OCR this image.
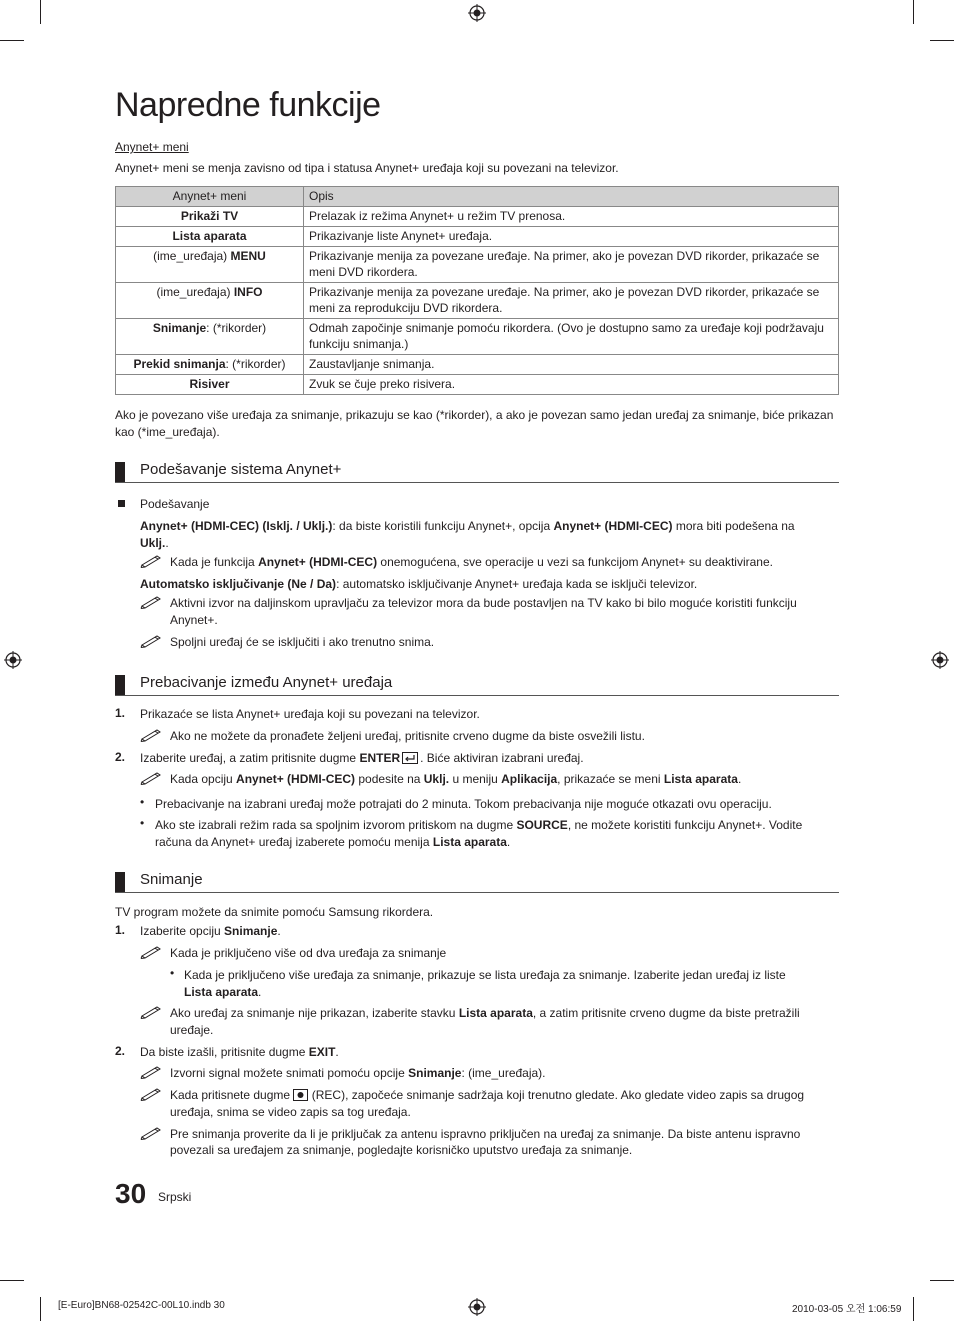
Napredne funkcije
Anynet+ meni
Anynet+ meni se menja zavisno od tipa i statusa Anynet+ uređaja koji su povezani na televizor.
Anynet+ meni	Opis
Prikaži TV	Prelazak iz režima Anynet+ u režim TV prenosa.
Lista aparata	Prikazivanje liste Anynet+ uređaja.
(ime_uređaja) MENU	Prikazivanje menija za povezane uređaje. Na primer, ako je povezan DVD rikorder, prikazaće se meni DVD rikordera.
(ime_uređaja) INFO	Prikazivanje menija za povezane uređaje. Na primer, ako je povezan DVD rikorder, prikazaće se meni za reprodukciju DVD rikordera.
Snimanje: (*rikorder)	Odmah započinje snimanje pomoću rikordera. (Ovo je dostupno samo za uređaje koji podržavaju funkciju snimanja.)
Prekid snimanja: (*rikorder)	Zaustavljanje snimanja.
Risiver	Zvuk se čuje preko risivera.
Ako je povezano više uređaja za snimanje, prikazuju se kao (*rikorder), a ako je povezan samo jedan uređaj za snimanje, biće prikazan kao (*ime_uređaja).
Podešavanje sistema Anynet+
Podešavanje
Anynet+ (HDMI-CEC) (Isklj. / Uklj.): da biste koristili funkciju Anynet+, opcija Anynet+ (HDMI-CEC) mora biti podešena na
Uklj..
Kada je funkcija Anynet+ (HDMI-CEC) onemogućena, sve operacije u vezi sa funkcijom Anynet+ su deaktivirane.
Automatsko isključivanje (Ne / Da): automatsko isključivanje Anynet+ uređaja kada se isključi televizor.
Aktivni izvor na daljinskom upravljaču za televizor mora da bude postavljen na TV kako bi bilo moguće koristiti funkciju
Anynet+.
Spoljni uređaj će se isključiti i ako trenutno snima.
Prebacivanje između Anynet+ uređaja
1. Prikazaće se lista Anynet+ uređaja koji su povezani na televizor.
Ako ne možete da pronađete željeni uređaj, pritisnite crveno dugme da biste osvežili listu.
2. Izaberite uređaj, a zatim pritisnite dugme ENTER . Biće aktiviran izabrani uređaj.
Kada opciju Anynet+ (HDMI-CEC) podesite na Uklj. u meniju Aplikacija, prikazaće se meni Lista aparata.
• Prebacivanje na izabrani uređaj može potrajati do 2 minuta. Tokom prebacivanja nije moguće otkazati ovu operaciju.
• Ako ste izabrali režim rada sa spoljnim izvorom pritiskom na dugme SOURCE, ne možete koristiti funkciju Anynet+. Vodite
računa da Anynet+ uređaj izaberete pomoću menija Lista aparata.
Snimanje
TV program možete da snimite pomoću Samsung rikordera.
1. Izaberite opciju Snimanje.
Kada je priključeno više od dva uređaja za snimanje
• Kada je priključeno više uređaja za snimanje, prikazuje se lista uređaja za snimanje. Izaberite jedan uređaj iz liste
Lista aparata.
Ako uređaj za snimanje nije prikazan, izaberite stavku Lista aparata, a zatim pritisnite crveno dugme da biste pretražili
uređaje.
2. Da biste izašli, pritisnite dugme EXIT.
Izvorni signal možete snimati pomoću opcije Snimanje: (ime_uređaja).
Kada pritisnete dugme  (REC), započeće snimanje sadržaja koji trenutno gledate. Ako gledate video zapis sa drugog
uređaja, snima se video zapis sa tog uređaja.
Pre snimanja proverite da li je priključak za antenu ispravno priključen na uređaj za snimanje. Da biste antenu ispravno
povezali sa uređajem za snimanje, pogledajte korisničko uputstvo uređaja za snimanje.
30 Srpski
[E-Euro]BN68-02542C-00L10.indb 30	2010-03-05 오전 1:06:59
